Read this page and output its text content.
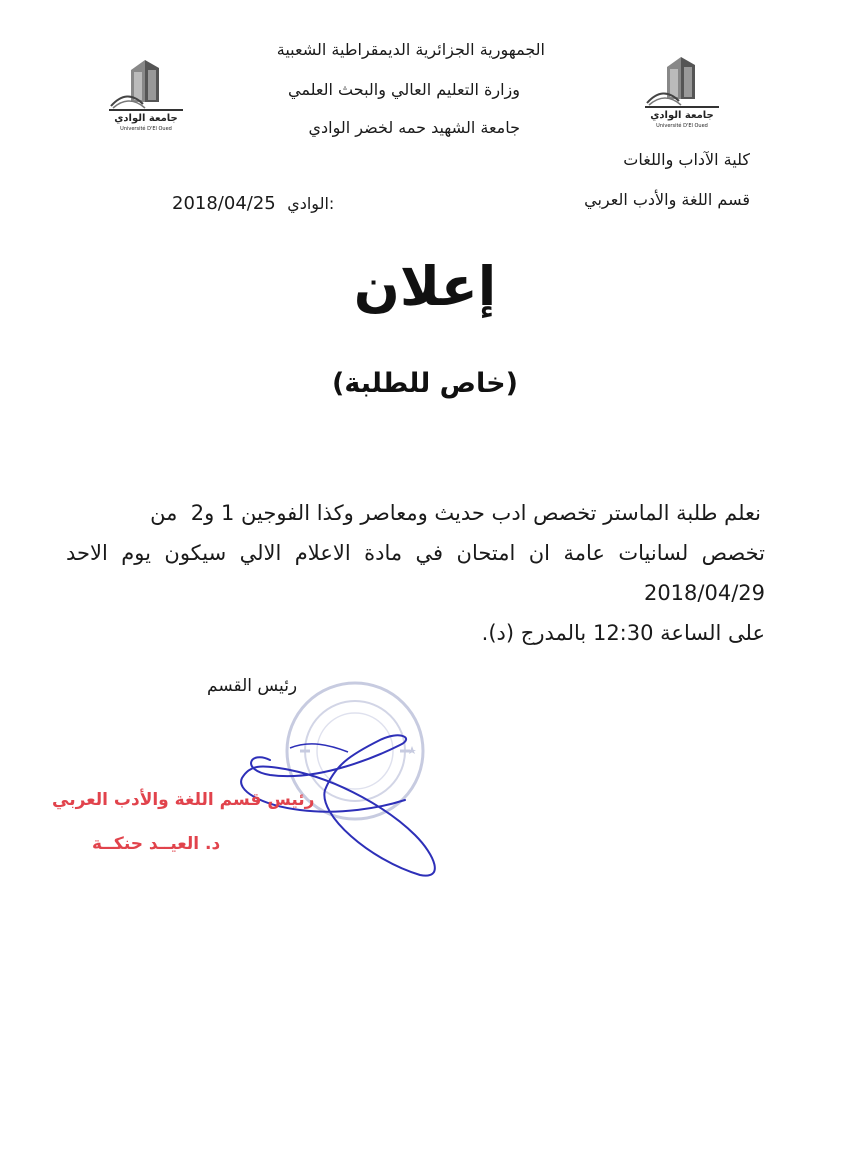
جامعة الوادي
Université D'El Oued
جامعة الوادي
Université D'El Oued
الجمهورية الجزائرية الديمقراطية الشعبية
وزارة التعليم العالي والبحث العلمي
جامعة الشهيد حمه لخضر الوادي
كلية الآداب واللغات
قسم اللغة والأدب العربي
2018/04/25 الوادي:
إعلان
(خاص للطلبة)

نعلم طلبة الماستر تخصص ادب حديث ومعاصر وكذا الفوجين 1 و2  من

تخصص لسانيات عامة ان امتحان في مادة الاعلام الالي سيكون يوم الاحد 2018/04/29

على الساعة 12:30 بالمدرج (د).

رئيس القسم
رئيس قسم اللغة والأدب العربي
د. العيــد حنكــة
